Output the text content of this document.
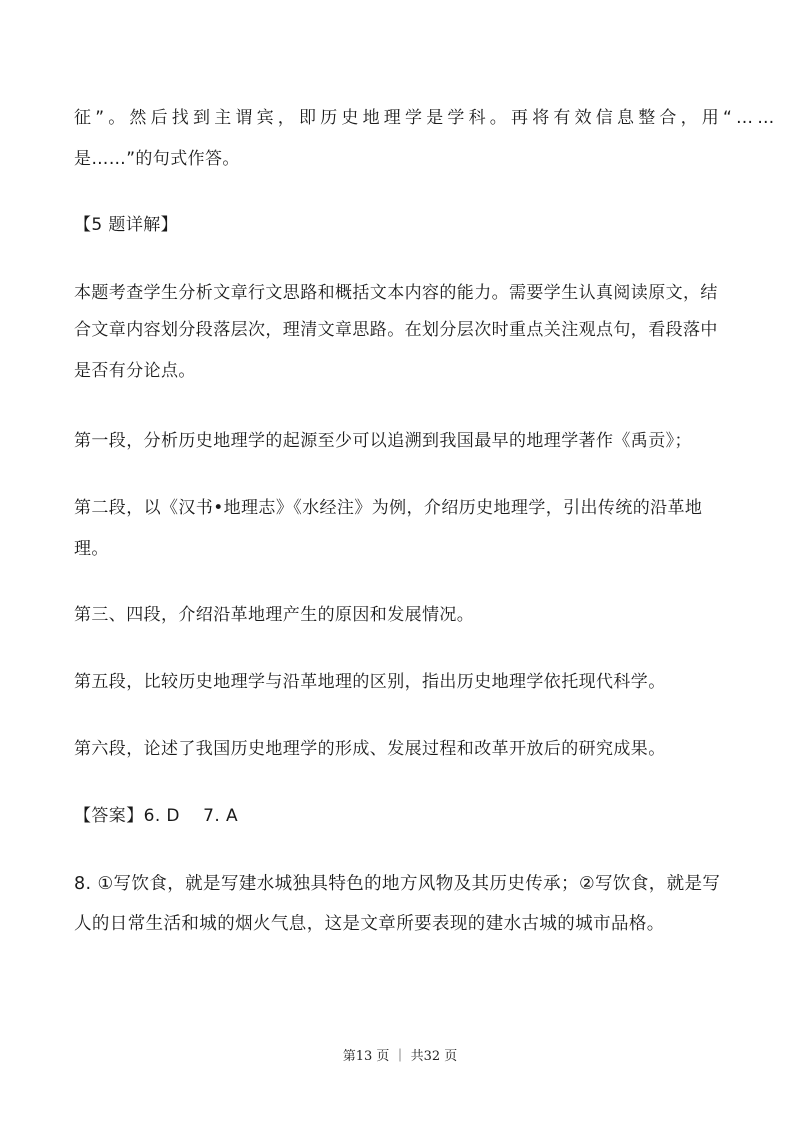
征”。然后找到主谓宾，即历史地理学是学科。再将有效信息整合，用“……
是……”的句式作答。
【5 题详解】
本题考查学生分析文章行文思路和概括文本内容的能力。需要学生认真阅读原文，结
合文章内容划分段落层次，理清文章思路。在划分层次时重点关注观点句，看段落中
是否有分论点。
第一段，分析历史地理学的起源至少可以追溯到我国最早的地理学著作《禹贡》；
第二段，以《汉书•地理志》《水经注》为例，介绍历史地理学，引出传统的沿革地
理。
第三、四段，介绍沿革地理产生的原因和发展情况。
第五段，比较历史地理学与沿革地理的区别，指出历史地理学依托现代科学。
第六段，论述了我国历史地理学的形成、发展过程和改革开放后的研究成果。
【答案】6. D    7. A
8. ①写饮食，就是写建水城独具特色的地方风物及其历史传承；②写饮食，就是写
人的日常生活和城的烟火气息，这是文章所要表现的建水古城的城市品格。
第13 页 ｜ 共32 页
